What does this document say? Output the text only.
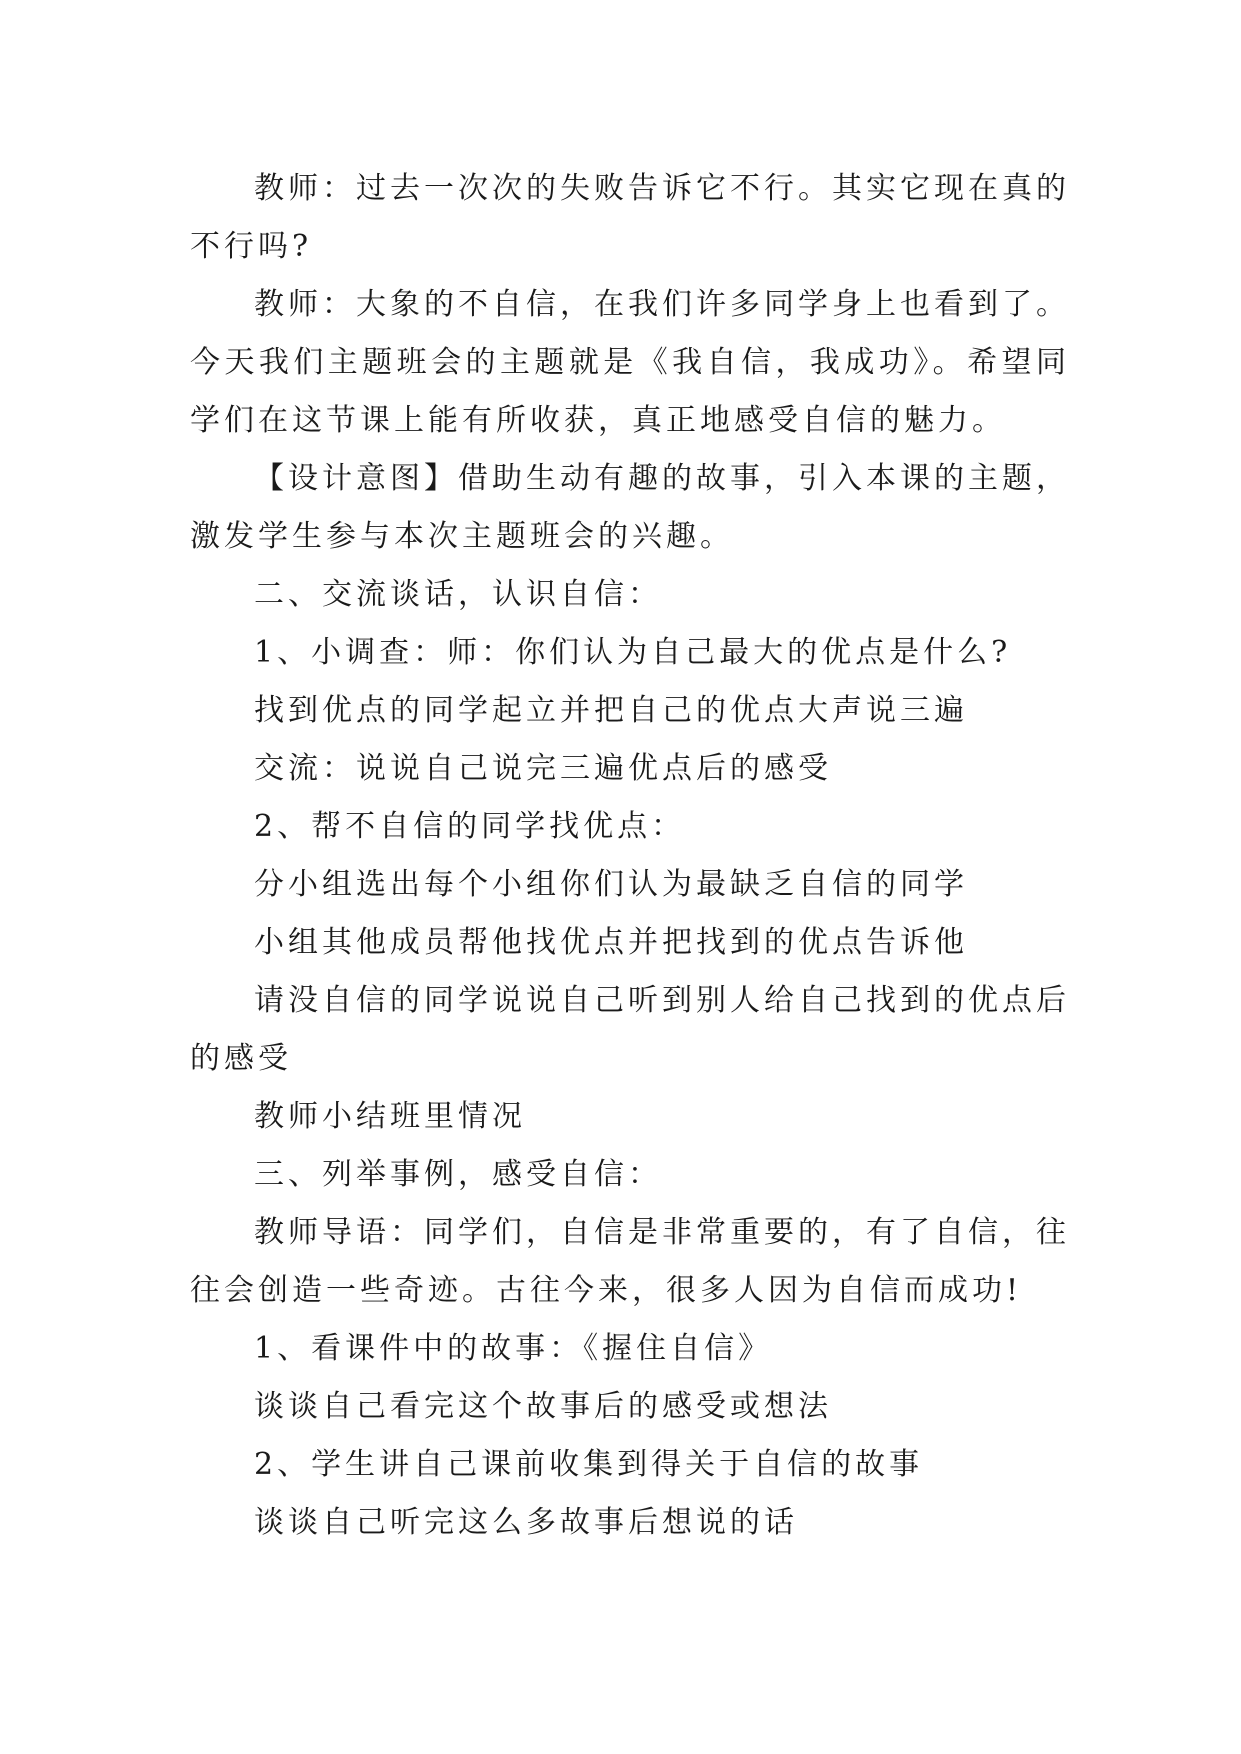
教师：过去一次次的失败告诉它不行。其实它现在真的不行吗?

教师：大象的不自信，在我们许多同学身上也看到了。今天我们主题班会的主题就是《我自信，我成功》。希望同学们在这节课上能有所收获，真正地感受自信的魅力。

【设计意图】借助生动有趣的故事，引入本课的主题，激发学生参与本次主题班会的兴趣。

二、交流谈话，认识自信：

1、小调查：师：你们认为自己最大的优点是什么?

找到优点的同学起立并把自己的优点大声说三遍

交流：说说自己说完三遍优点后的感受

2、帮不自信的同学找优点：

分小组选出每个小组你们认为最缺乏自信的同学

小组其他成员帮他找优点并把找到的优点告诉他

请没自信的同学说说自己听到别人给自己找到的优点后的感受

教师小结班里情况

三、列举事例，感受自信：

教师导语：同学们，自信是非常重要的，有了自信，往往会创造一些奇迹。古往今来，很多人因为自信而成功!

1、看课件中的故事：《握住自信》

谈谈自己看完这个故事后的感受或想法

2、学生讲自己课前收集到得关于自信的故事

谈谈自己听完这么多故事后想说的话
